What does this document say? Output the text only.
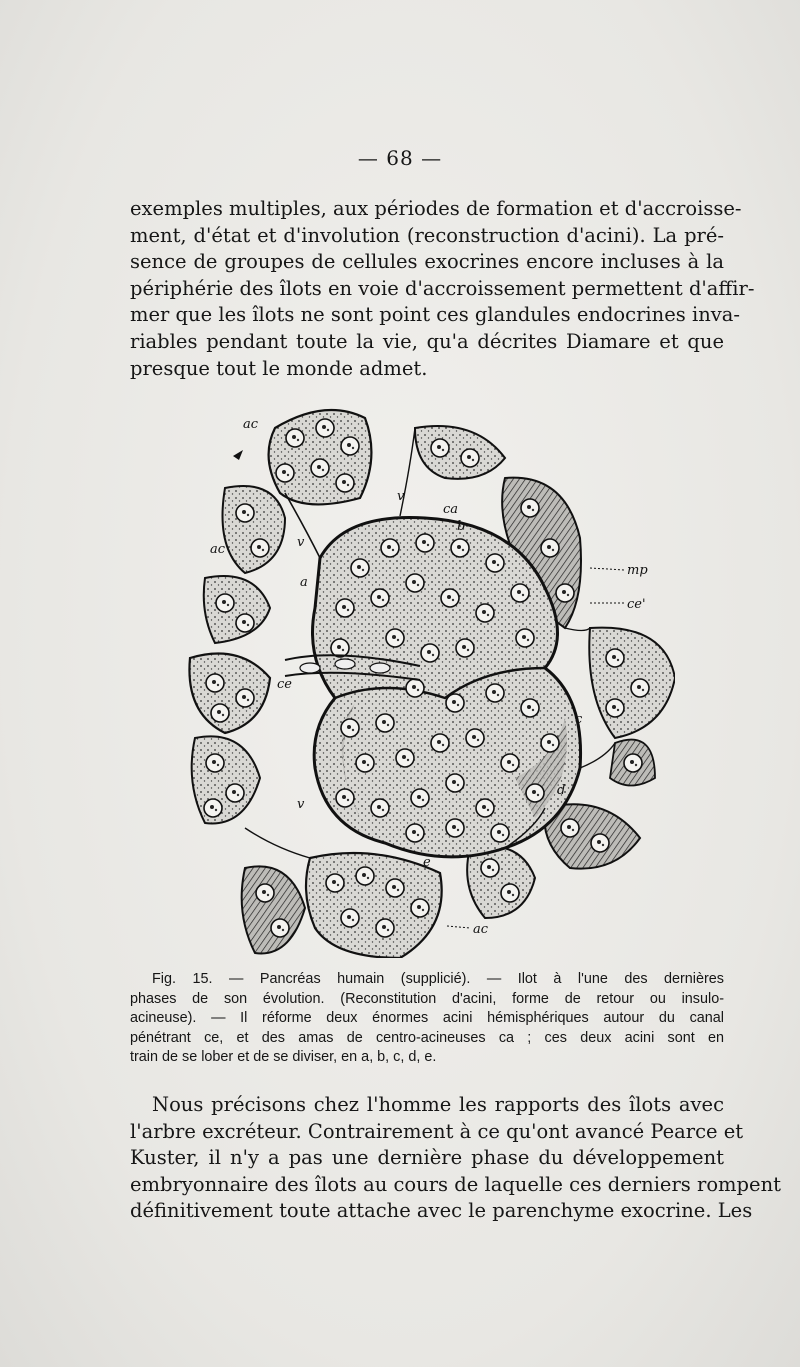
— 68 —

exemples multiples, aux périodes de formation et d'accroisse-
ment, d'état et d'involution (reconstruction d'acini). La pré-
sence de groupes de cellules exocrines encore incluses à la
périphérie des îlots en voie d'accroissement permettent d'affir-
mer que les îlots ne sont point ces glandules endocrines inva-
riables pendant toute la vie, qu'a décrites Diamare et que
presque tout le monde admet.

ac
ac
ac
ca
b
mp
ce'
a
ce
c
d
e
v
v
v

Fig. 15. — Pancréas humain (supplicié). — Ilot à l'une des dernières
phases de son évolution. (Reconstitution d'acini, forme de retour ou insulo-
acineuse). — Il réforme deux énormes acini hémisphériques autour du canal
pénétrant ce, et des amas de centro-acineuses ca ; ces deux acini sont en
train de se lober et de se diviser, en a, b, c, d, e.

Nous précisons chez l'homme les rapports des îlots avec
l'arbre excréteur. Contrairement à ce qu'ont avancé Pearce et
Kuster, il n'y a pas une dernière phase du développement
embryonnaire des îlots au cours de laquelle ces derniers rompent
définitivement toute attache avec le parenchyme exocrine. Les
